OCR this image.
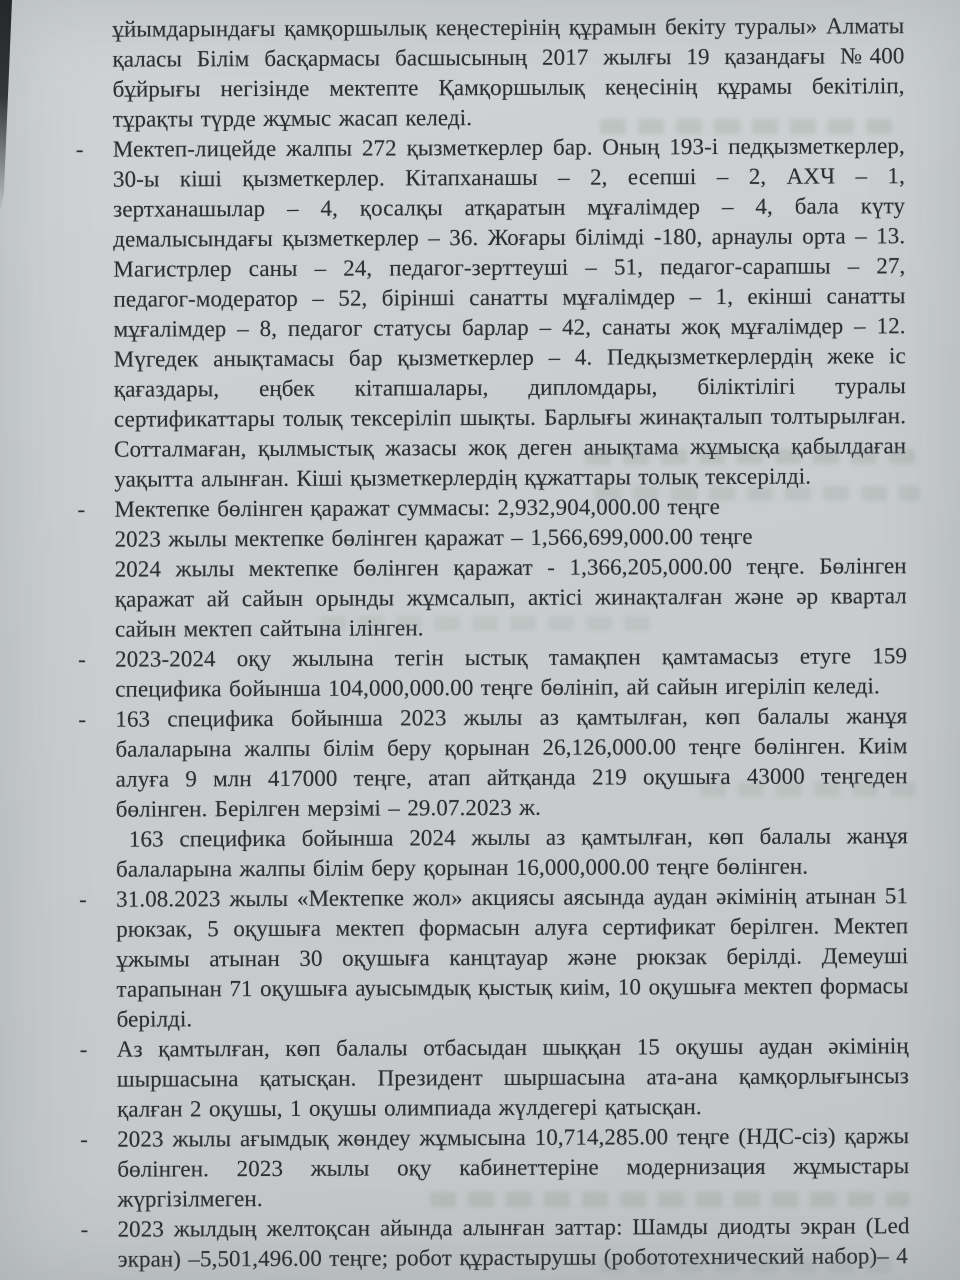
ұйымдарындағы қамқоршылық кеңестерінің құрамын бекіту туралы» Алматы қаласы Білім басқармасы басшысының 2017 жылғы 19 қазандағы №400 бұйрығы негізінде мектепте Қамқоршылық кеңесінің құрамы бекітіліп, тұрақты түрде жұмыс жасап келеді.

-	Мектеп-лицейде жалпы 272 қызметкерлер бар. Оның 193-і педқызметкерлер, 30-ы кіші қызметкерлер. Кітапханашы – 2, есепші – 2, АХЧ – 1, зертханашылар – 4, қосалқы атқаратын мұғалімдер – 4, бала күту демалысындағы қызметкерлер – 36. Жоғары білімді -180, арнаулы орта – 13. Магистрлер саны – 24, педагог-зерттеуші – 51, педагог-сарапшы – 27, педагог-модератор – 52, бірінші санатты мұғалімдер – 1, екінші санатты мұғалімдер – 8, педагог статусы барлар – 42, санаты жоқ мұғалімдер – 12. Мүгедек анықтамасы бар қызметкерлер – 4. Педқызметкерлердің жеке іс қағаздары, еңбек кітапшалары, дипломдары, біліктілігі туралы сертификаттары толық тексеріліп шықты. Барлығы жинақталып толтырылған. Сотталмаған, қылмыстық жазасы жоқ деген анықтама жұмысқа қабылдаған уақытта алынған. Кіші қызметкерлердің құжаттары толық тексерілді.

-	Мектепке бөлінген қаражат суммасы: 2,932,904,000.00 теңге

2023 жылы мектепке бөлінген қаражат – 1,566,699,000.00 теңге

2024 жылы мектепке бөлінген қаражат - 1,366,205,000.00 теңге. Бөлінген қаражат ай сайын орынды жұмсалып, актісі жинақталған және әр квартал сайын мектеп сайтына ілінген.

-	2023-2024 оқу жылына тегін ыстық тамақпен қамтамасыз етуге 159 специфика бойынша 104,000,000.00 теңге бөлініп, ай сайын игеріліп келеді.

-	163 специфика бойынша 2023 жылы аз қамтылған, көп балалы жанұя балаларына жалпы білім беру қорынан 26,126,000.00 теңге бөлінген. Киім алуға 9 млн 417000 теңге, атап айтқанда 219 оқушыға 43000 теңгеден бөлінген. Берілген мерзімі – 29.07.2023 ж.

163 специфика бойынша 2024 жылы аз қамтылған, көп балалы жанұя балаларына жалпы білім беру қорынан 16,000,000.00 теңге бөлінген.

-	31.08.2023 жылы «Мектепке жол» акциясы аясында аудан әкімінің атынан 51 рюкзак, 5 оқушыға мектеп формасын алуға сертификат берілген. Мектеп ұжымы атынан 30 оқушыға канцтауар және рюкзак берілді. Демеуші тарапынан 71 оқушыға ауысымдық қыстық киім, 10 оқушыға мектеп формасы берілді.

-	Аз қамтылған, көп балалы отбасыдан шыққан 15 оқушы аудан әкімінің шыршасына қатысқан. Президент шыршасына ата-ана қамқорлығынсыз қалған 2 оқушы, 1 оқушы олимпиада жүлдегері қатысқан.

-	2023 жылы ағымдық жөндеу жұмысына 10,714,285.00 теңге (НДС-сіз) қаржы бөлінген. 2023 жылы оқу кабинеттеріне модернизация жұмыстары жүргізілмеген.

-	2023 жылдың желтоқсан айында алынған заттар: Шамды диодты экран (Led экран) –5,501,496.00 теңге; робот құрастырушы (робототехнический набор)– 4
